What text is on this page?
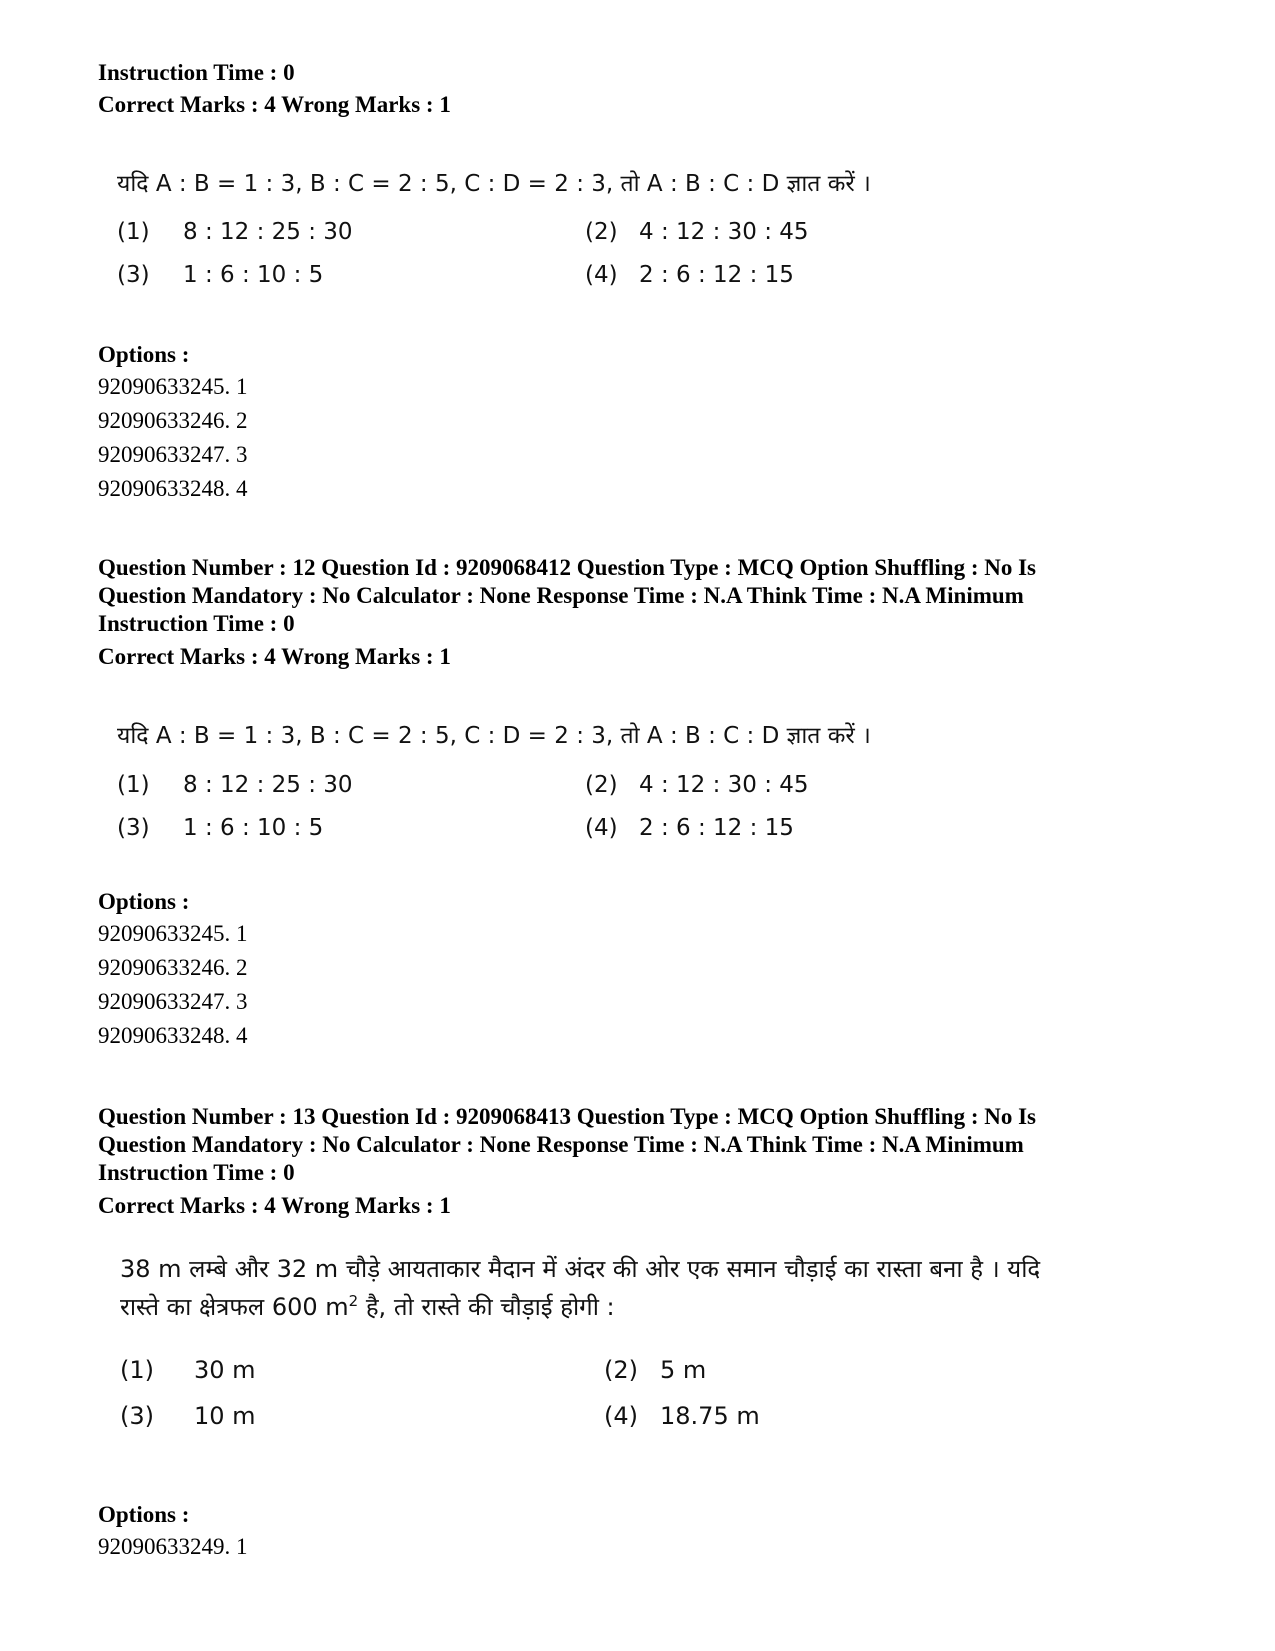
Instruction Time : 0
Correct Marks : 4 Wrong Marks : 1
यदि A : B = 1 : 3, B : C = 2 : 5, C : D = 2 : 3, तो A : B : C : D ज्ञात करें ।
(1) 8 : 12 : 25 : 30	(2) 4 : 12 : 30 : 45
(3) 1 : 6 : 10 : 5	(4) 2 : 6 : 12 : 15
Options :
92090633245. 1
92090633246. 2
92090633247. 3
92090633248. 4
Question Number : 12 Question Id : 9209068412 Question Type : MCQ Option Shuffling : No Is
Question Mandatory : No Calculator : None Response Time : N.A Think Time : N.A Minimum
Instruction Time : 0
Correct Marks : 4 Wrong Marks : 1
यदि A : B = 1 : 3, B : C = 2 : 5, C : D = 2 : 3, तो A : B : C : D ज्ञात करें ।
(1) 8 : 12 : 25 : 30	(2) 4 : 12 : 30 : 45
(3) 1 : 6 : 10 : 5	(4) 2 : 6 : 12 : 15
Options :
92090633245. 1
92090633246. 2
92090633247. 3
92090633248. 4
Question Number : 13 Question Id : 9209068413 Question Type : MCQ Option Shuffling : No Is
Question Mandatory : No Calculator : None Response Time : N.A Think Time : N.A Minimum
Instruction Time : 0
Correct Marks : 4 Wrong Marks : 1
38 m लम्बे और 32 m चौड़े आयताकार मैदान में अंदर की ओर एक समान चौड़ाई का रास्ता बना है । यदि
रास्ते का क्षेत्रफल 600 $m^2$ है, तो रास्ते की चौड़ाई होगी :
(1) 30 m	(2) 5 m
(3) 10 m	(4) 18.75 m
Options :
92090633249. 1
